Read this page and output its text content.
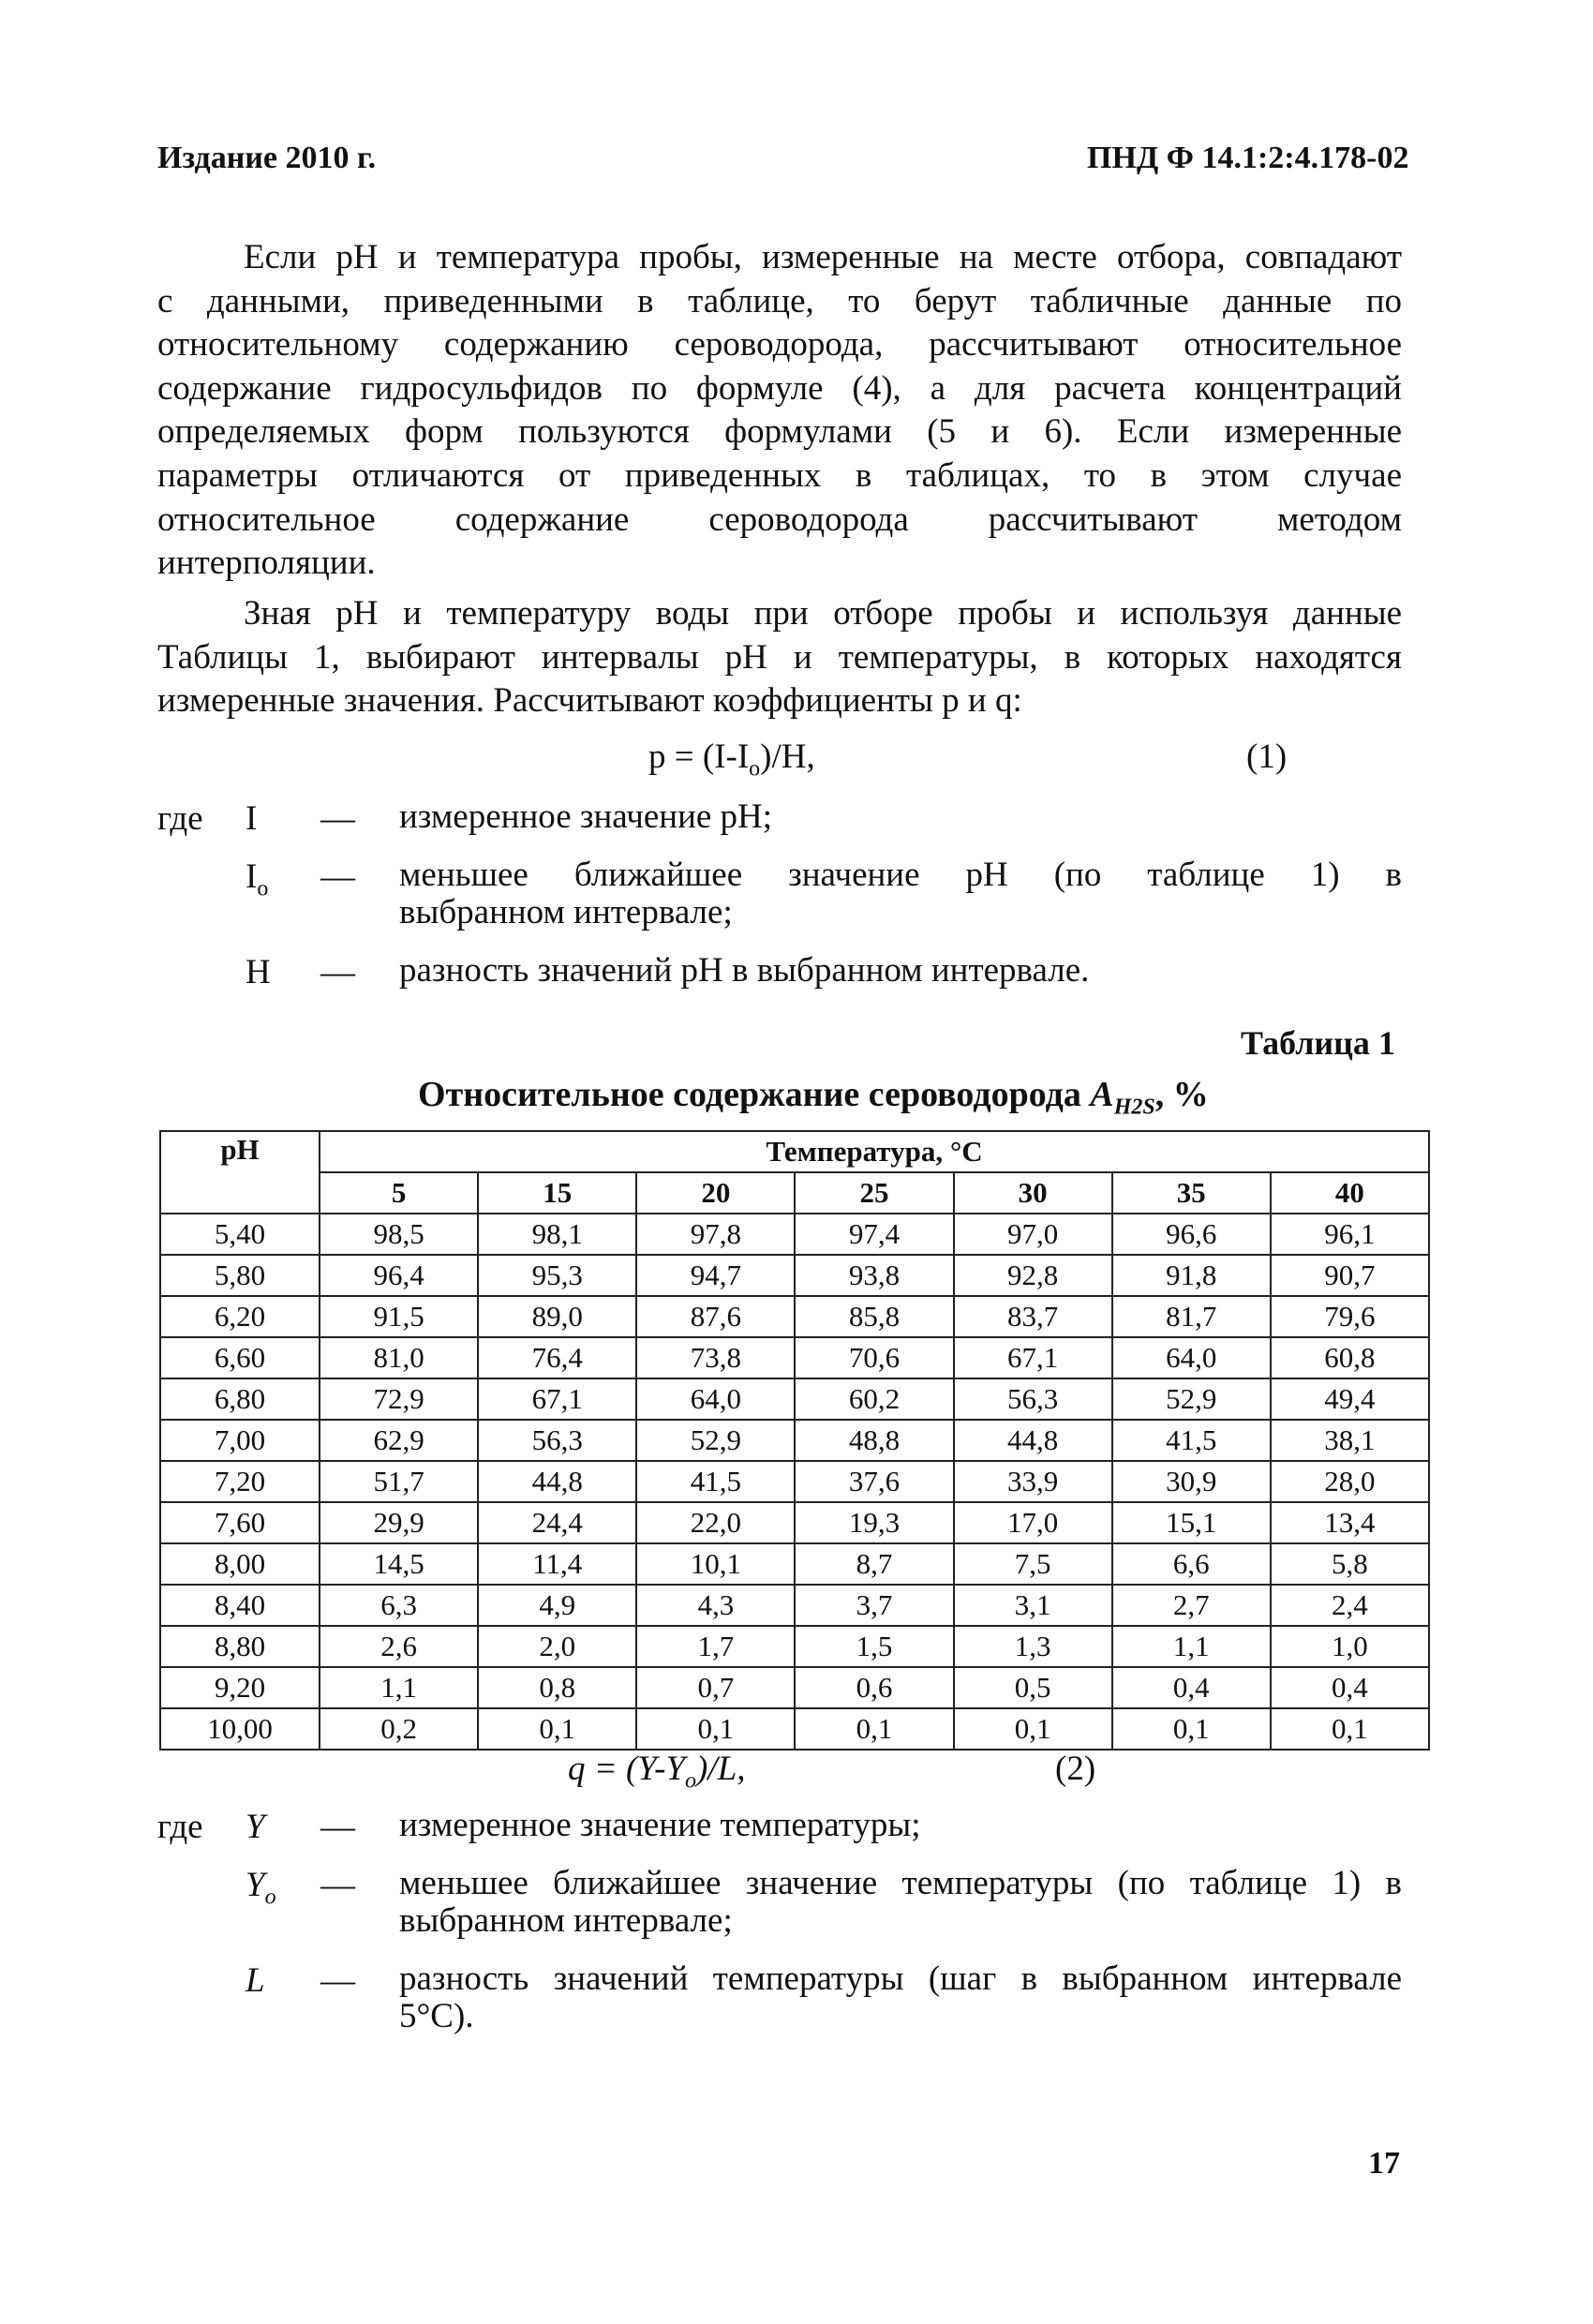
Издание 2010 г.	ПНД Ф 14.1:2:4.178-02
Если pH и температура пробы, измеренные на месте отбора, совпадают
с данными, приведенными в таблице, то берут табличные данные по
относительному содержанию сероводорода, рассчитывают относительное
содержание гидросульфидов по формуле (4), а для расчета концентраций
определяемых форм пользуются формулами (5 и 6). Если измеренные
параметры отличаются от приведенных в таблицах, то в этом случае
относительное содержание сероводорода рассчитывают методом
интерполяции.
Зная pH и температуру воды при отборе пробы и используя данные
Таблицы 1, выбирают интервалы pH и температуры, в которых находятся
измеренные значения. Рассчитывают коэффициенты p и q:
$p = (I-I_o)/H$,	(1)
где I	— измеренное значение pH;
$I_o$	— меньшее ближайшее значение pH (по таблице 1) в
выбранном интервале;
H	— разность значений pH в выбранном интервале.
Таблица 1
Относительное содержание сероводорода $A_{H2S}$, %
pH	Температура, °С						
	5	15	20	25	30	35	40
5,40	98,5	98,1	97,8	97,4	97,0	96,6	96,1
5,80	96,4	95,3	94,7	93,8	92,8	91,8	90,7
6,20	91,5	89,0	87,6	85,8	83,7	81,7	79,6
6,60	81,0	76,4	73,8	70,6	67,1	64,0	60,8
6,80	72,9	67,1	64,0	60,2	56,3	52,9	49,4
7,00	62,9	56,3	52,9	48,8	44,8	41,5	38,1
7,20	51,7	44,8	41,5	37,6	33,9	30,9	28,0
7,60	29,9	24,4	22,0	19,3	17,0	15,1	13,4
8,00	14,5	11,4	10,1	8,7	7,5	6,6	5,8
8,40	6,3	4,9	4,3	3,7	3,1	2,7	2,4
8,80	2,6	2,0	1,7	1,5	1,3	1,1	1,0
9,20	1,1	0,8	0,7	0,6	0,5	0,4	0,4
10,00	0,2	0,1	0,1	0,1	0,1	0,1	0,1
$q = (Y-Y_o)/L$,	(2)
где Y	— измеренное значение температуры;
$Y_o$	— меньшее ближайшее значение температуры (по таблице 1) в
выбранном интервале;
L	— разность значений температуры (шаг в выбранном интервале
5°С).
17
